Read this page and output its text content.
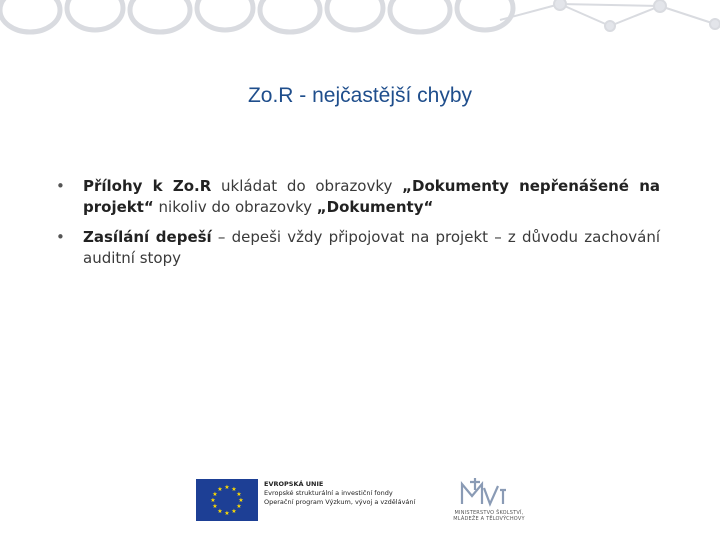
Zo.R - nejčastější chyby
• Přílohy k Zo.R ukládat do obrazovky „Dokumenty nepřenášené na projekt“ nikoliv do obrazovky „Dokumenty“
• Zasílání depeší – depeši vždy připojovat na projekt – z důvodu zachování auditní stopy
★ ★
★
★
★
★
★
★
★
★
★
★
EVROPSKÁ UNIE
Evropské strukturální a investiční fondy
Operační program Výzkum, vývoj a vzdělávání
MINISTERSTVO ŠKOLSTVÍ, MLÁDEŽE A TĚLOVÝCHOVY
